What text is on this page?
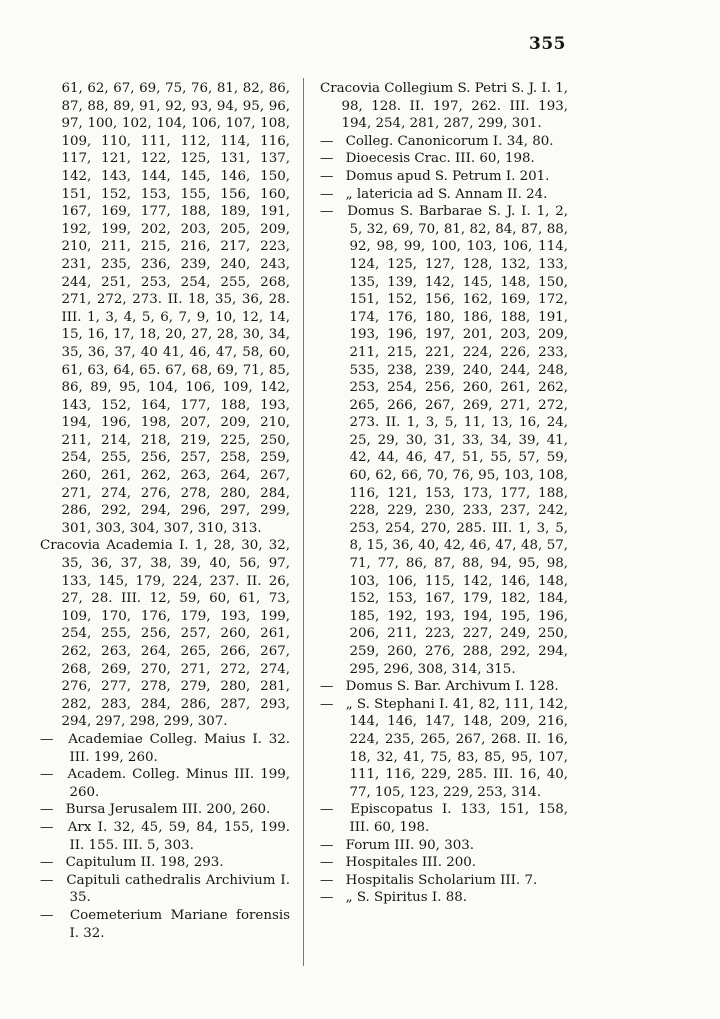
355

61, 62, 67, 69, 75, 76, 81, 82, 86, 87, 88, 89, 91, 92, 93, 94, 95, 96, 97, 100, 102, 104, 106, 107, 108, 109, 110, 111, 112, 114, 116, 117, 121, 122, 125, 131, 137, 142, 143, 144, 145, 146, 150, 151, 152, 153, 155, 156, 160, 167, 169, 177, 188, 189, 191, 192, 199, 202, 203, 205, 209, 210, 211, 215, 216, 217, 223, 231, 235, 236, 239, 240, 243, 244, 251, 253, 254, 255, 268, 271, 272, 273. II. 18, 35, 36, 28. III. 1, 3, 4, 5, 6, 7, 9, 10, 12, 14, 15, 16, 17, 18, 20, 27, 28, 30, 34, 35, 36, 37, 40 41, 46, 47, 58, 60, 61, 63, 64, 65. 67, 68, 69, 71, 85, 86, 89, 95, 104, 106, 109, 142, 143, 152, 164, 177, 188, 193, 194, 196, 198, 207, 209, 210, 211, 214, 218, 219, 225, 250, 254, 255, 256, 257, 258, 259, 260, 261, 262, 263, 264, 267, 271, 274, 276, 278, 280, 284, 286, 292, 294, 296, 297, 299, 301, 303, 304, 307, 310, 313.

Cracovia Academia I. 1, 28, 30, 32, 35, 36, 37, 38, 39, 40, 56, 97, 133, 145, 179, 224, 237. II. 26, 27, 28. III. 12, 59, 60, 61, 73, 109, 170, 176, 179, 193, 199, 254, 255, 256, 257, 260, 261, 262, 263, 264, 265, 266, 267, 268, 269, 270, 271, 272, 274, 276, 277, 278, 279, 280, 281, 282, 283, 284, 286, 287, 293, 294, 297, 298, 299, 307.

— Academiae Colleg. Maius I. 32. III. 199, 260.

— Academ. Colleg. Minus III. 199, 260.

— Bursa Jerusalem III. 200, 260.

— Arx I. 32, 45, 59, 84, 155, 199. II. 155. III. 5, 303.

— Capitulum II. 198, 293.

— Capituli cathedralis Archivium I. 35.

— Coemeterium Mariane forensis I. 32.

Cracovia Collegium S. Petri S. J. I. 1, 98, 128. II. 197, 262. III. 193, 194, 254, 281, 287, 299, 301.

— Colleg. Canonicorum I. 34, 80.

— Dioecesis Crac. III. 60, 198.

— Domus apud S. Petrum I. 201.

— „ latericia ad S. Annam II. 24.

— Domus S. Barbarae S. J. I. 1, 2, 5, 32, 69, 70, 81, 82, 84, 87, 88, 92, 98, 99, 100, 103, 106, 114, 124, 125, 127, 128, 132, 133, 135, 139, 142, 145, 148, 150, 151, 152, 156, 162, 169, 172, 174, 176, 180, 186, 188, 191, 193, 196, 197, 201, 203, 209, 211, 215, 221, 224, 226, 233, 535, 238, 239, 240, 244, 248, 253, 254, 256, 260, 261, 262, 265, 266, 267, 269, 271, 272, 273. II. 1, 3, 5, 11, 13, 16, 24, 25, 29, 30, 31, 33, 34, 39, 41, 42, 44, 46, 47, 51, 55, 57, 59, 60, 62, 66, 70, 76, 95, 103, 108, 116, 121, 153, 173, 177, 188, 228, 229, 230, 233, 237, 242, 253, 254, 270, 285. III. 1, 3, 5, 8, 15, 36, 40, 42, 46, 47, 48, 57, 71, 77, 86, 87, 88, 94, 95, 98, 103, 106, 115, 142, 146, 148, 152, 153, 167, 179, 182, 184, 185, 192, 193, 194, 195, 196, 206, 211, 223, 227, 249, 250, 259, 260, 276, 288, 292, 294, 295, 296, 308, 314, 315.

— Domus S. Bar. Archivum I. 128.

— „ S. Stephani I. 41, 82, 111, 142, 144, 146, 147, 148, 209, 216, 224, 235, 265, 267, 268. II. 16, 18, 32, 41, 75, 83, 85, 95, 107, 111, 116, 229, 285. III. 16, 40, 77, 105, 123, 229, 253, 314.

— Episcopatus I. 133, 151, 158, III. 60, 198.

— Forum III. 90, 303.

— Hospitales III. 200.

— Hospitalis Scholarium III. 7.

— „ S. Spiritus I. 88.
